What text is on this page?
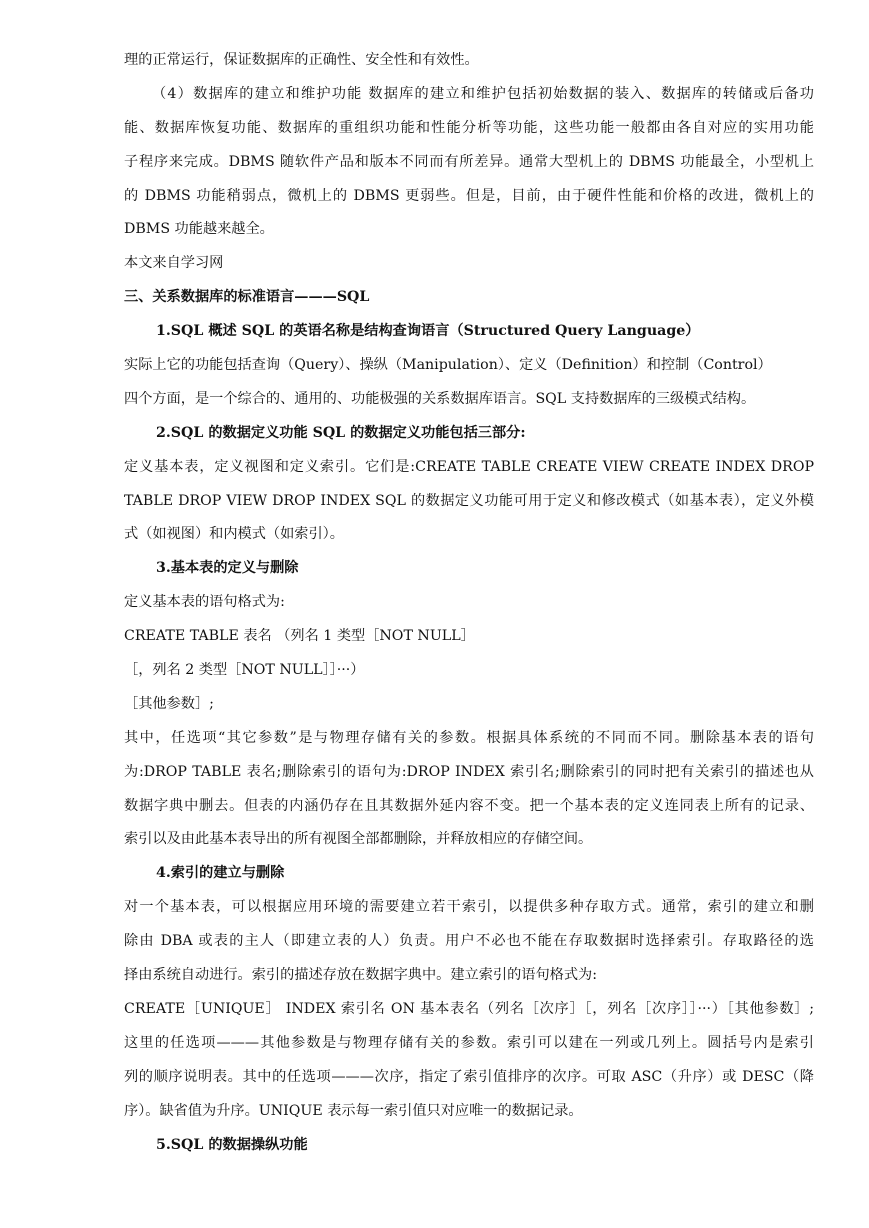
理的正常运行，保证数据库的正确性、安全性和有效性。
（4）数据库的建立和维护功能 数据库的建立和维护包括初始数据的装入、数据库的转储或后备功
能、数据库恢复功能、数据库的重组织功能和性能分析等功能，这些功能一般都由各自对应的实用功能
子程序来完成。DBMS 随软件产品和版本不同而有所差异。通常大型机上的 DBMS 功能最全，小型机上
的 DBMS 功能稍弱点，微机上的 DBMS 更弱些。但是，目前，由于硬件性能和价格的改进，微机上的
DBMS 功能越来越全。
本文来自学习网
三、关系数据库的标准语言———SQL
1.SQL 概述 SQL 的英语名称是结构查询语言（Structured Query Language）
实际上它的功能包括查询（Query）、操纵（Manipulation）、定义（Definition）和控制（Control）
四个方面，是一个综合的、通用的、功能极强的关系数据库语言。SQL 支持数据库的三级模式结构。
2.SQL 的数据定义功能 SQL 的数据定义功能包括三部分:
定义基本表，定义视图和定义索引。它们是:CREATE TABLE CREATE VIEW CREATE INDEX DROP
TABLE DROP VIEW DROP INDEX SQL 的数据定义功能可用于定义和修改模式（如基本表），定义外模
式（如视图）和内模式（如索引）。
3.基本表的定义与删除
定义基本表的语句格式为:
CREATE TABLE 表名 （列名 1 类型［NOT NULL］
［，列名 2 类型［NOT NULL］］···）
［其他参数］;
其中，任选项“其它参数”是与物理存储有关的参数。根据具体系统的不同而不同。删除基本表的语句
为:DROP TABLE 表名;删除索引的语句为:DROP INDEX 索引名;删除索引的同时把有关索引的描述也从
数据字典中删去。但表的内涵仍存在且其数据外延内容不变。把一个基本表的定义连同表上所有的记录、
索引以及由此基本表导出的所有视图全部都删除，并释放相应的存储空间。
4.索引的建立与删除
对一个基本表，可以根据应用环境的需要建立若干索引，以提供多种存取方式。通常，索引的建立和删
除由 DBA 或表的主人（即建立表的人）负责。用户不必也不能在存取数据时选择索引。存取路径的选
择由系统自动进行。索引的描述存放在数据字典中。建立索引的语句格式为:
CREATE［UNIQUE］ INDEX 索引名 ON 基本表名（列名［次序］［，列名［次序］］···）［其他参数］;
这里的任选项———其他参数是与物理存储有关的参数。索引可以建在一列或几列上。圆括号内是索引
列的顺序说明表。其中的任选项———次序，指定了索引值排序的次序。可取 ASC（升序）或 DESC（降
序）。缺省值为升序。UNIQUE 表示每一索引值只对应唯一的数据记录。
5.SQL 的数据操纵功能
